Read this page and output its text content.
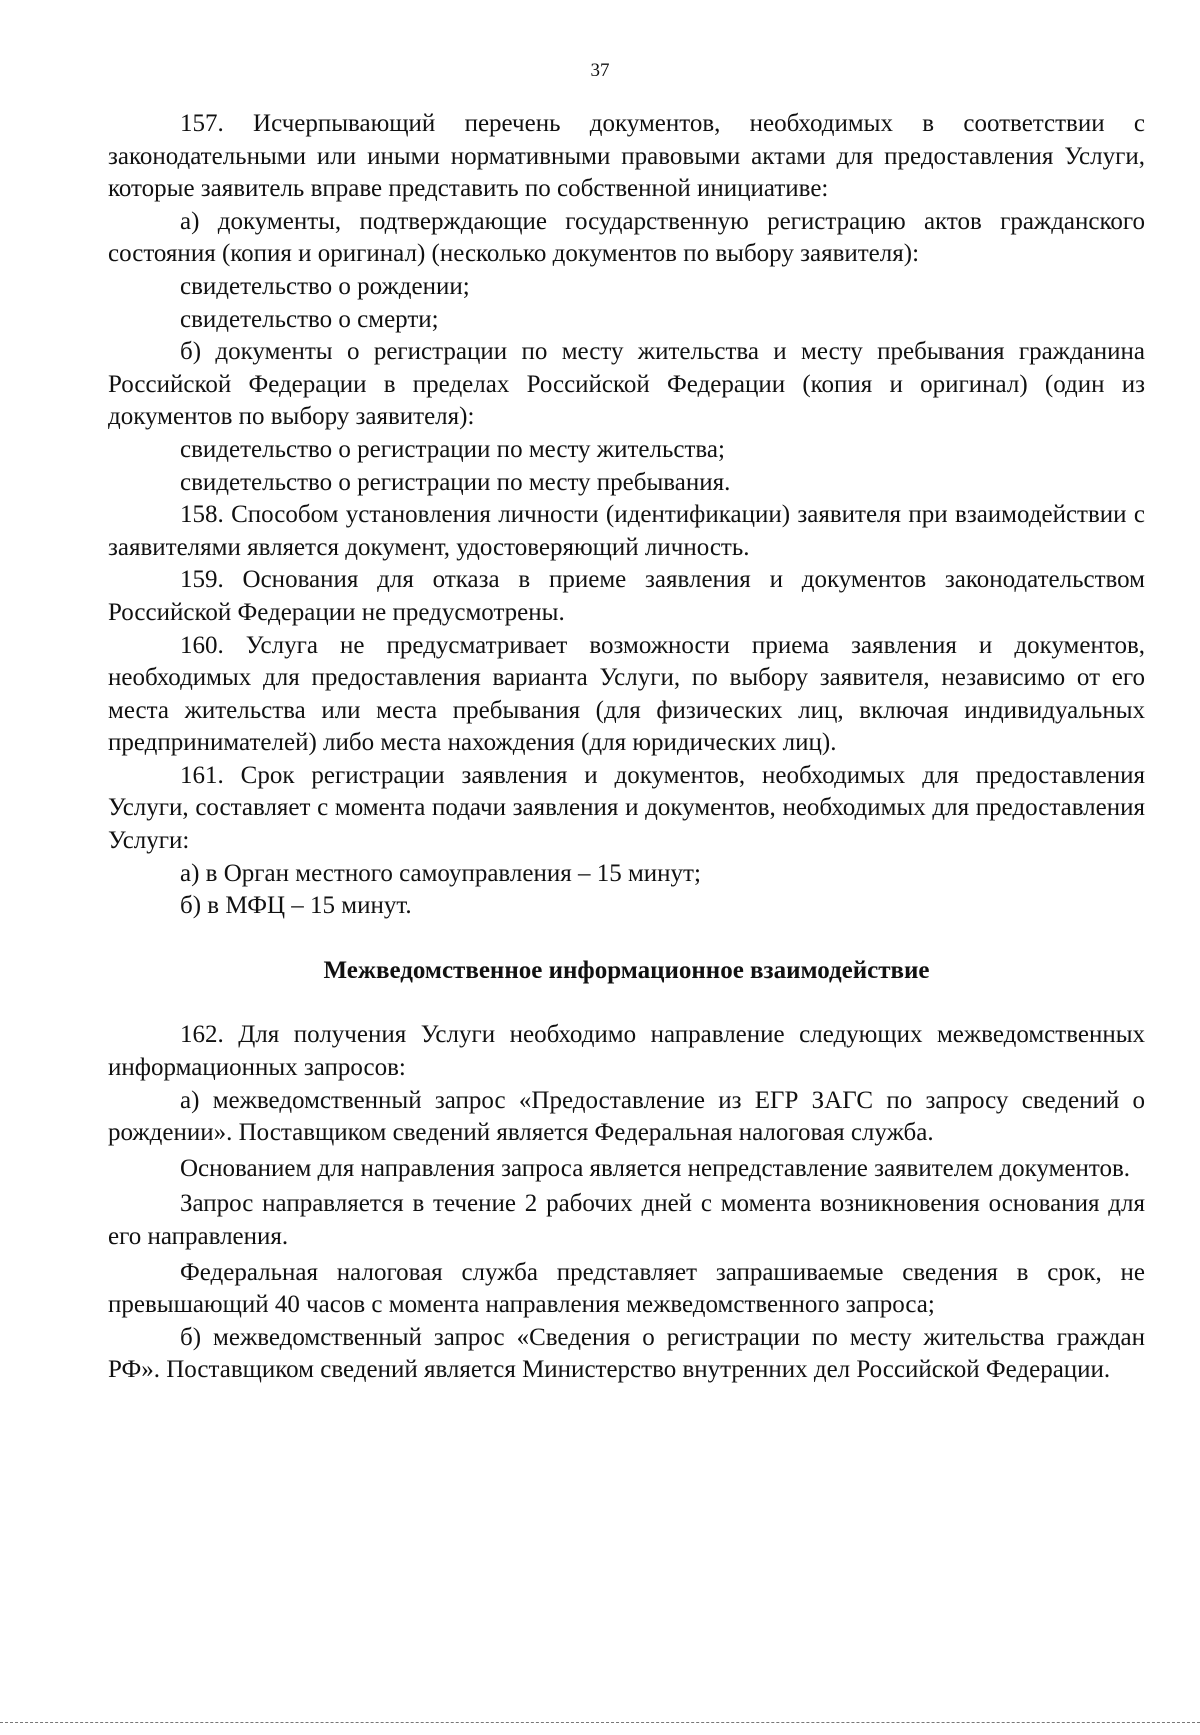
37

157. Исчерпывающий перечень документов, необходимых в соответствии с законодательными или иными нормативными правовыми актами для предоставления Услуги, которые заявитель вправе представить по собственной инициативе:

а) документы, подтверждающие государственную регистрацию актов гражданского состояния (копия и оригинал) (несколько документов по выбору заявителя):

свидетельство о рождении;

свидетельство о смерти;

б) документы о регистрации по месту жительства и месту пребывания гражданина Российской Федерации в пределах Российской Федерации (копия и оригинал) (один из документов по выбору заявителя):

свидетельство о регистрации по месту жительства;

свидетельство о регистрации по месту пребывания.

158. Способом установления личности (идентификации) заявителя при взаимодействии с заявителями является документ, удостоверяющий личность.

159. Основания для отказа в приеме заявления и документов законодательством Российской Федерации не предусмотрены.

160. Услуга не предусматривает возможности приема заявления и документов, необходимых для предоставления варианта Услуги, по выбору заявителя, независимо от его места жительства или места пребывания (для физических лиц, включая индивидуальных предпринимателей) либо места нахождения (для юридических лиц).

161. Срок регистрации заявления и документов, необходимых для предоставления Услуги, составляет с момента подачи заявления и документов, необходимых для предоставления Услуги:

а) в Орган местного самоуправления – 15 минут;

б) в МФЦ – 15 минут.

Межведомственное информационное взаимодействие

162. Для получения Услуги необходимо направление следующих межведомственных информационных запросов:

а) межведомственный запрос «Предоставление из ЕГР ЗАГС по запросу сведений о рождении». Поставщиком сведений является Федеральная налоговая служба.

Основанием для направления запроса является непредставление заявителем документов.

Запрос направляется в течение 2 рабочих дней с момента возникновения основания для его направления.

Федеральная налоговая служба представляет запрашиваемые сведения в срок, не превышающий 40 часов с момента направления межведомственного запроса;

б) межведомственный запрос «Сведения о регистрации по месту жительства граждан РФ». Поставщиком сведений является Министерство внутренних дел Российской Федерации.
